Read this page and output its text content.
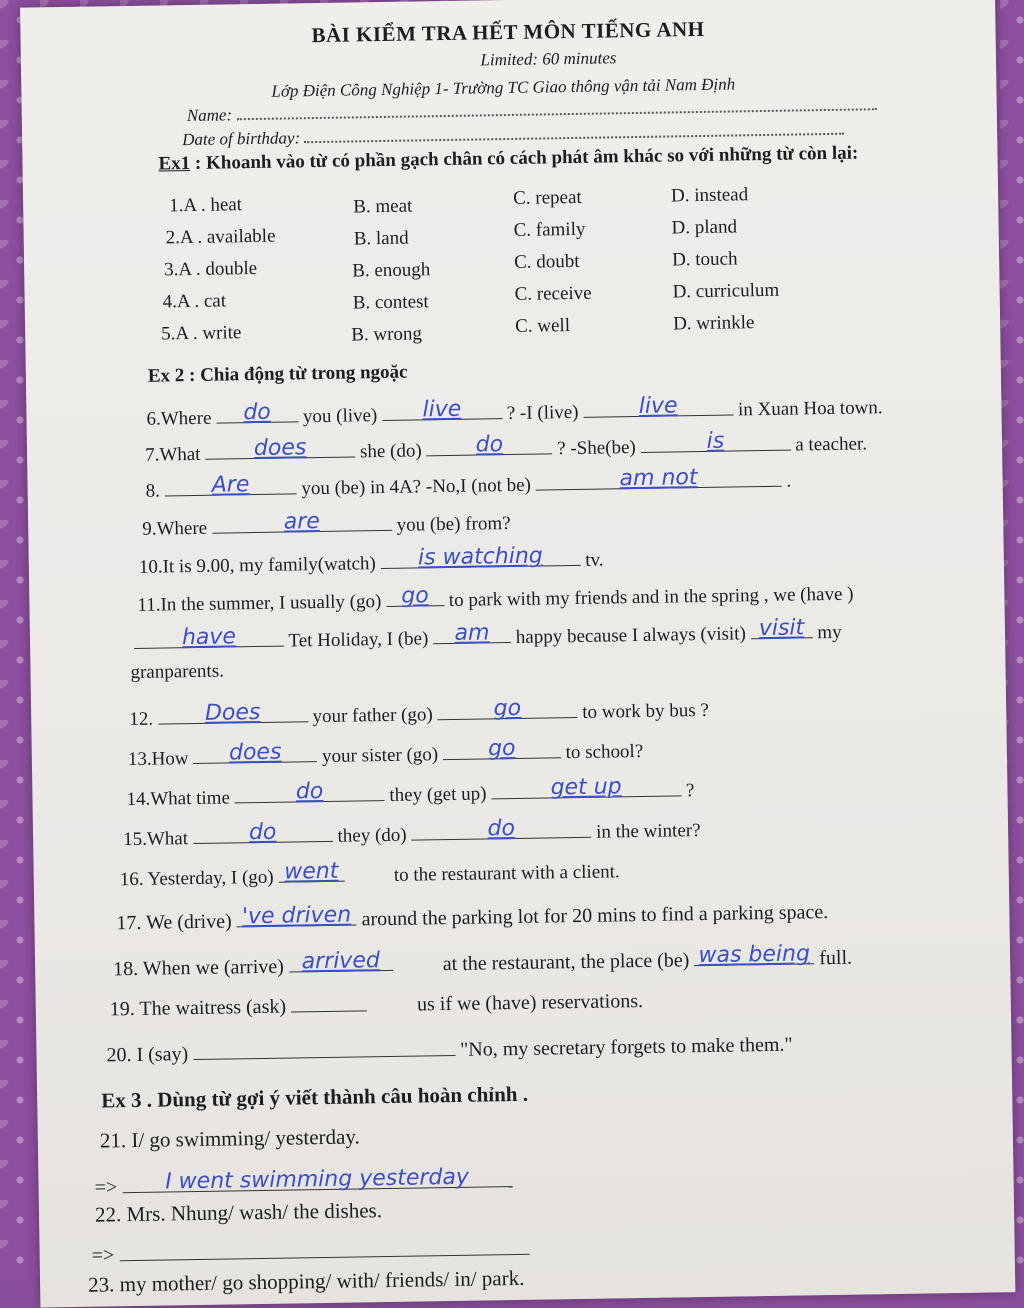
BÀI KIỂM TRA HẾT MÔN TIẾNG ANH
Limited: 60 minutes
Lớp Điện Công Nghiệp 1- Trường TC Giao thông vận tải Nam Định
Name:
Date of birthday:
Ex1 : Khoanh vào từ có phần gạch chân có cách phát âm khác so với những từ còn lại:
1.A . heat	B. meat	C. repeat	D. instead
2.A . available	B. land	C. family	D. pland
3.A . double	B. enough	C. doubt	D. touch
4.A . cat	B. contest	C. receive	D. curriculum
5.A . write	B. wrong	C. well	D. wrinkle
Ex 2 : Chia động từ trong ngoặc
6.Where	do	you (live)	live	? -I (live)	live	in Xuan Hoa town.
7.What	does	she (do)	do	? -She(be)	is	a teacher.
8.	Are	you (be) in 4A? -No,I (not be)	am not	.
9.Where	are	you (be) from?
10.It is 9.00, my family(watch)	is watching	tv.
11.In the summer, I usually (go) go	to park with my friends and in the spring , we (have )
have	Tet Holiday, I (be)	am	happy because I always (visit) visit my
granparents.
12.	Does	your father (go)	go	to work by bus ?
13.How	does	your sister (go)	go	to school?
14.What time	do	they (get up)	get up	?
15.What	do	they (do)	do	in the winter?
16. Yesterday, I (go) went	to the restaurant with a client.
17. We (drive) 've driven around the parking lot for 20 mins to find a parking space.
18. When we (arrive) arrived	at the restaurant, the place (be) was being full.
19. The waitress (ask)	us if we (have) reservations.
20. I (say)	"No, my secretary forgets to make them."
Ex 3 . Dùng từ gợi ý viết thành câu hoàn chỉnh .
21. I/ go swimming/ yesterday.
=>	I went swimming yesterday
22. Mrs. Nhung/ wash/ the dishes.
=>
23. my mother/ go shopping/ with/ friends/ in/ park.
